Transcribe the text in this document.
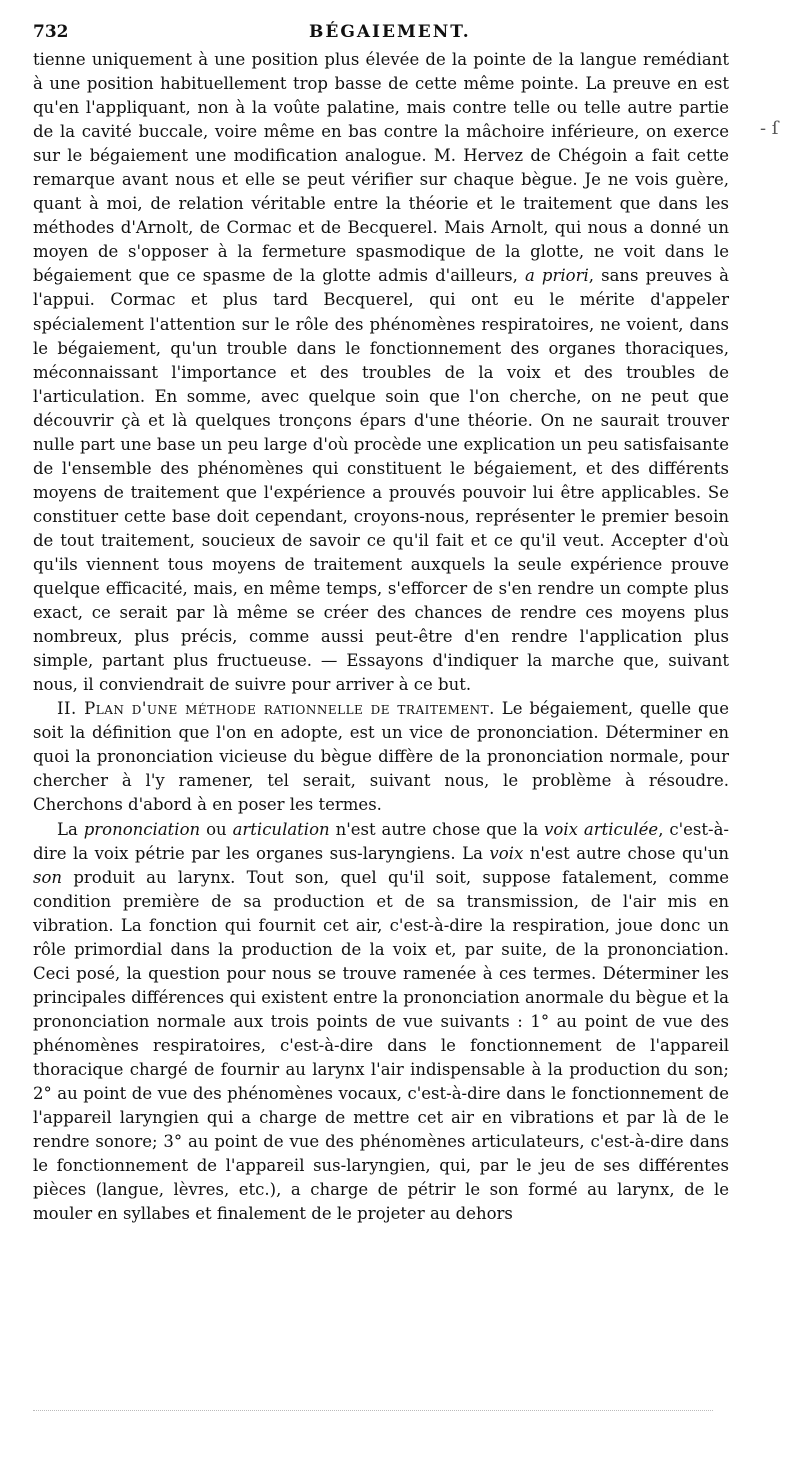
732	BÉGAIEMENT.

tienne uniquement à une position plus élevée de la pointe de la langue remédiant à une position habituellement trop basse de cette même pointe. La preuve en est qu'en l'appliquant, non à la voûte palatine, mais contre telle ou telle autre partie de la cavité buccale, voire même en bas contre la mâchoire inférieure, on exerce sur le bégaiement une modification analogue. M. Hervez de Chégoin a fait cette remarque avant nous et elle se peut vérifier sur chaque bègue. Je ne vois guère, quant à moi, de relation véritable entre la théorie et le traitement que dans les méthodes d'Arnolt, de Cormac et de Becquerel. Mais Arnolt, qui nous a donné un moyen de s'opposer à la fermeture spasmodique de la glotte, ne voit dans le bégaiement que ce spasme de la glotte admis d'ailleurs, a priori, sans preuves à l'appui. Cormac et plus tard Becquerel, qui ont eu le mérite d'appeler spécialement l'attention sur le rôle des phénomènes respiratoires, ne voient, dans le bégaiement, qu'un trouble dans le fonctionnement des organes thoraciques, méconnaissant l'importance et des troubles de la voix et des troubles de l'articulation. En somme, avec quelque soin que l'on cherche, on ne peut que découvrir çà et là quelques tronçons épars d'une théorie. On ne saurait trouver nulle part une base un peu large d'où procède une explication un peu satisfaisante de l'ensemble des phénomènes qui constituent le bégaiement, et des différents moyens de traitement que l'expérience a prouvés pouvoir lui être applicables. Se constituer cette base doit cependant, croyons-nous, représenter le premier besoin de tout traitement, soucieux de savoir ce qu'il fait et ce qu'il veut. Accepter d'où qu'ils viennent tous moyens de traitement auxquels la seule expérience prouve quelque efficacité, mais, en même temps, s'efforcer de s'en rendre un compte plus exact, ce serait par là même se créer des chances de rendre ces moyens plus nombreux, plus précis, comme aussi peut-être d'en rendre l'application plus simple, partant plus fructueuse. — Essayons d'indiquer la marche que, suivant nous, il conviendrait de suivre pour arriver à ce but.

II. Plan d'une méthode rationnelle de traitement. Le bégaiement, quelle que soit la définition que l'on en adopte, est un vice de prononciation. Déterminer en quoi la prononciation vicieuse du bègue diffère de la prononciation normale, pour chercher à l'y ramener, tel serait, suivant nous, le problème à résoudre. Cherchons d'abord à en poser les termes.

La prononciation ou articulation n'est autre chose que la voix articulée, c'est-à-dire la voix pétrie par les organes sus-laryngiens. La voix n'est autre chose qu'un son produit au larynx. Tout son, quel qu'il soit, suppose fatalement, comme condition première de sa production et de sa transmission, de l'air mis en vibration. La fonction qui fournit cet air, c'est-à-dire la respiration, joue donc un rôle primordial dans la production de la voix et, par suite, de la prononciation. Ceci posé, la question pour nous se trouve ramenée à ces termes. Déterminer les principales différences qui existent entre la prononciation anormale du bègue et la prononciation normale aux trois points de vue suivants : 1° au point de vue des phénomènes respiratoires, c'est-à-dire dans le fonctionnement de l'appareil thoracique chargé de fournir au larynx l'air indispensable à la production du son; 2° au point de vue des phénomènes vocaux, c'est-à-dire dans le fonctionnement de l'appareil laryngien qui a charge de mettre cet air en vibrations et par là de le rendre sonore; 3° au point de vue des phénomènes articulateurs, c'est-à-dire dans le fonctionnement de l'appareil sus-laryngien, qui, par le jeu de ses différentes pièces (langue, lèvres, etc.), a charge de pétrir le son formé au larynx, de le mouler en syllabes et finalement de le projeter au dehors

- ſ
